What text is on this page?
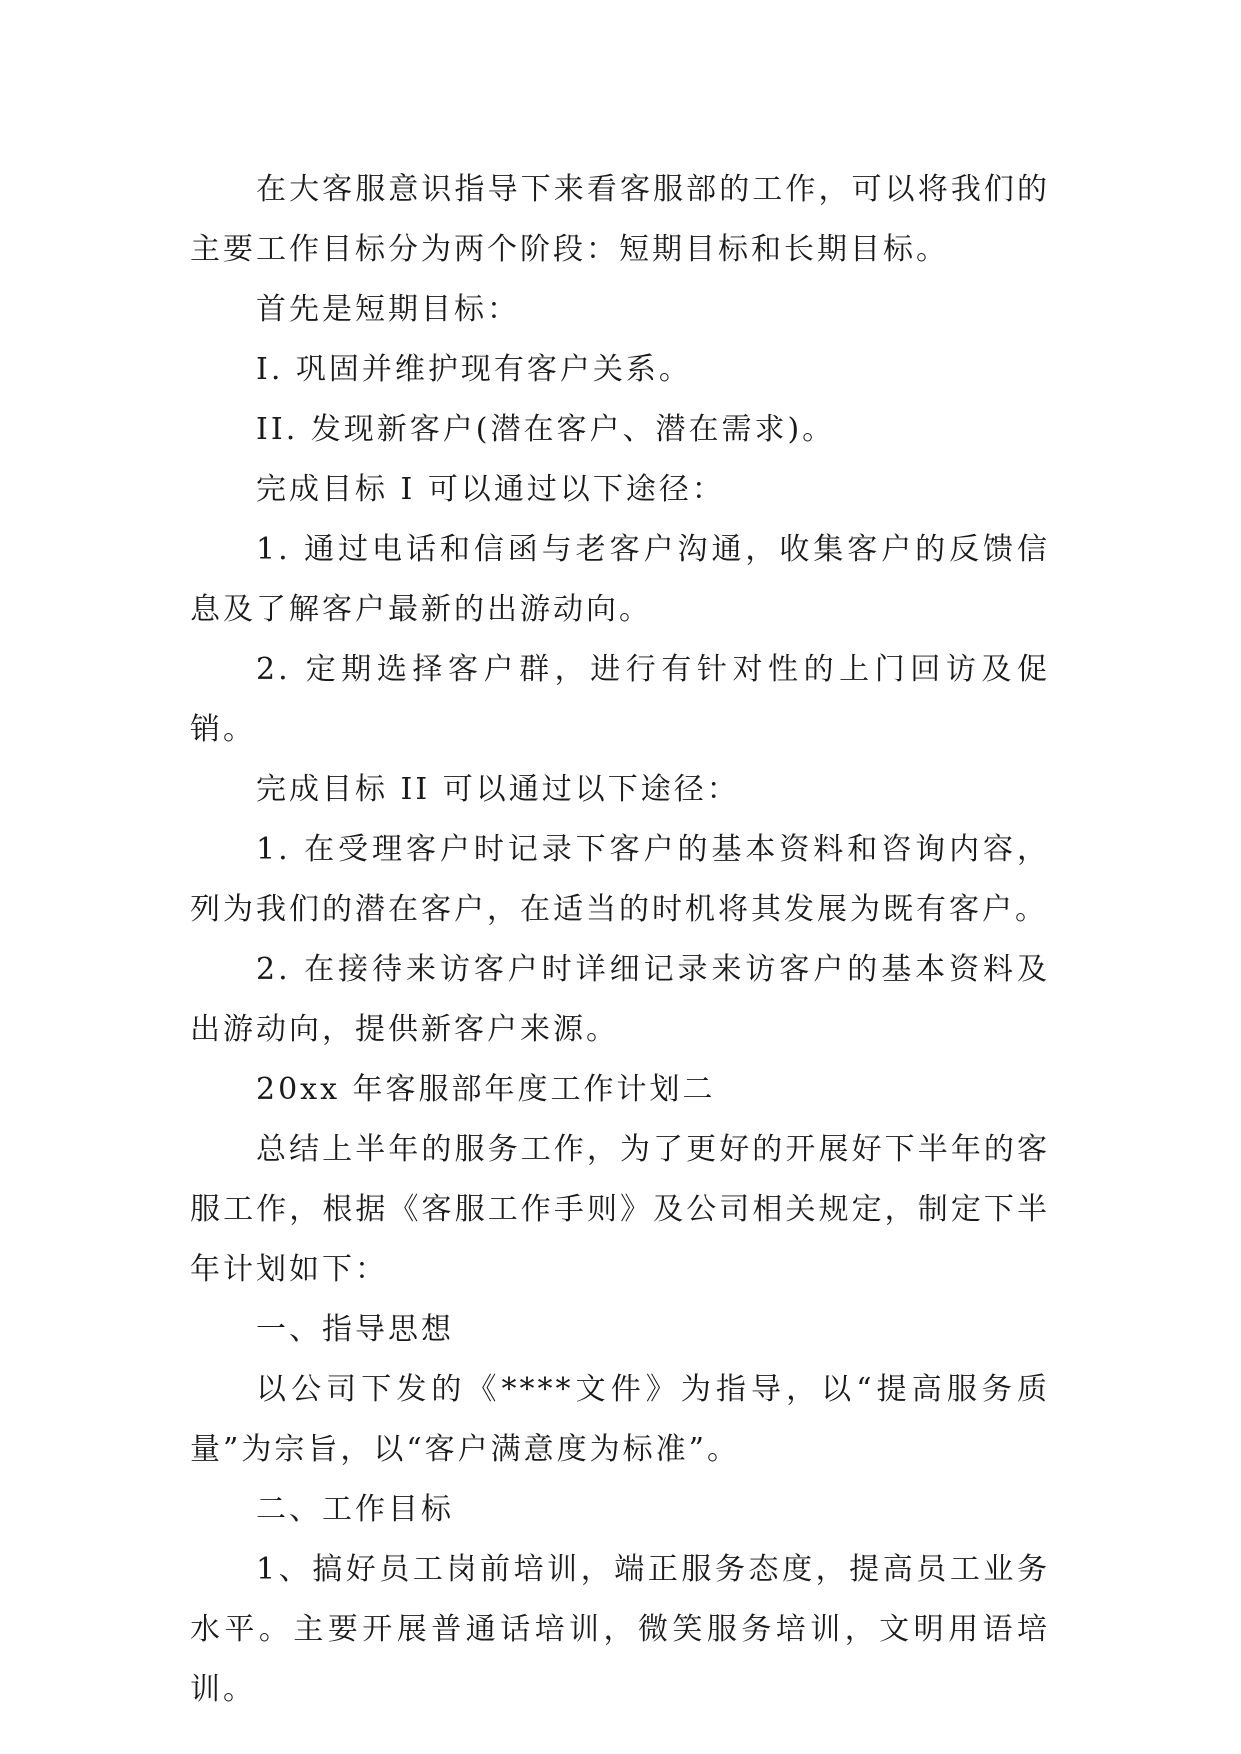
在大客服意识指导下来看客服部的工作，可以将我们的主要工作目标分为两个阶段：短期目标和长期目标。

首先是短期目标：

I. 巩固并维护现有客户关系。

II. 发现新客户(潜在客户、潜在需求)。

完成目标 I 可以通过以下途径：

1. 通过电话和信函与老客户沟通，收集客户的反馈信息及了解客户最新的出游动向。

2. 定期选择客户群，进行有针对性的上门回访及促销。

完成目标 II 可以通过以下途径：

1. 在受理客户时记录下客户的基本资料和咨询内容，列为我们的潜在客户，在适当的时机将其发展为既有客户。

2. 在接待来访客户时详细记录来访客户的基本资料及出游动向，提供新客户来源。

20xx 年客服部年度工作计划二

总结上半年的服务工作，为了更好的开展好下半年的客服工作，根据《客服工作手则》及公司相关规定，制定下半年计划如下：

一、指导思想

以公司下发的《****文件》为指导，以“提高服务质量”为宗旨，以“客户满意度为标准”。

二、工作目标

1、搞好员工岗前培训，端正服务态度，提高员工业务水平。主要开展普通话培训，微笑服务培训，文明用语培训。
